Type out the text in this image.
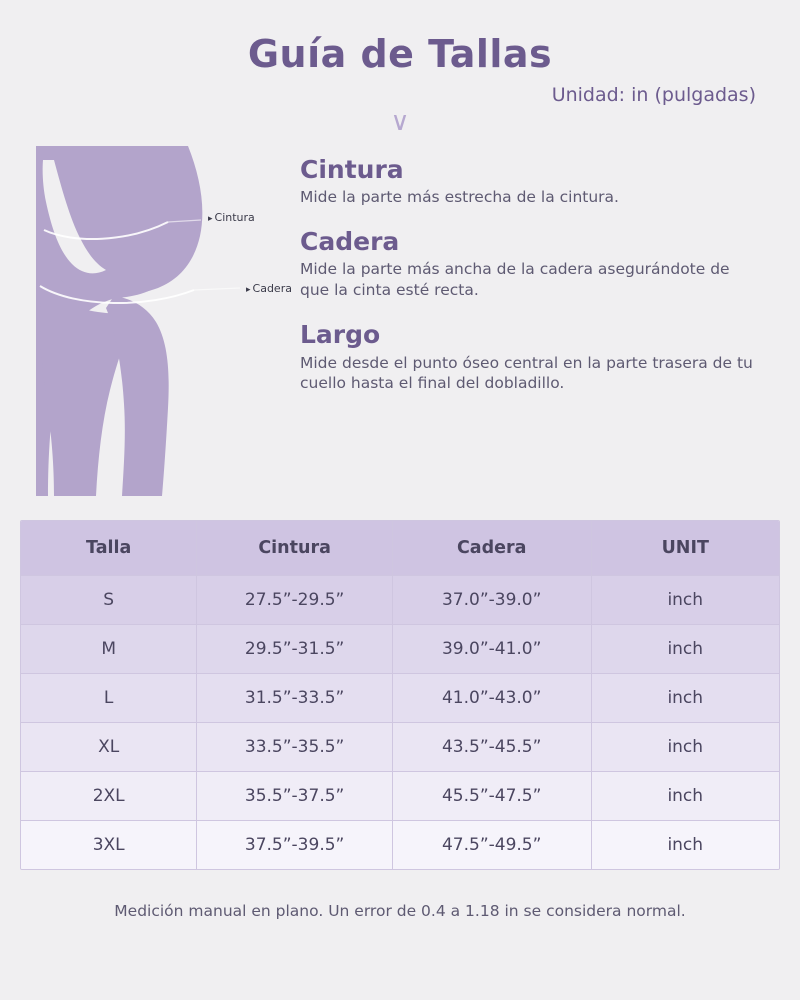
Guía de Tallas
Unidad: in (pulgadas)
∨
▸ Cintura
▸ Cadera
Cintura
Mide la parte más estrecha de la cintura.
Cadera
Mide la parte más ancha de la cadera asegurándote de que la cinta esté recta.
Largo
Mide desde el punto óseo central en la parte trasera de tu cuello hasta el final del dobladillo.
Talla	Cintura	Cadera	UNIT
S	27.5”-29.5”	37.0”-39.0”	inch
M	29.5”-31.5”	39.0”-41.0”	inch
L	31.5”-33.5”	41.0”-43.0”	inch
XL	33.5”-35.5”	43.5”-45.5”	inch
2XL	35.5”-37.5”	45.5”-47.5”	inch
3XL	37.5”-39.5”	47.5”-49.5”	inch
Medición manual en plano. Un error de 0.4 a 1.18 in se considera normal.
